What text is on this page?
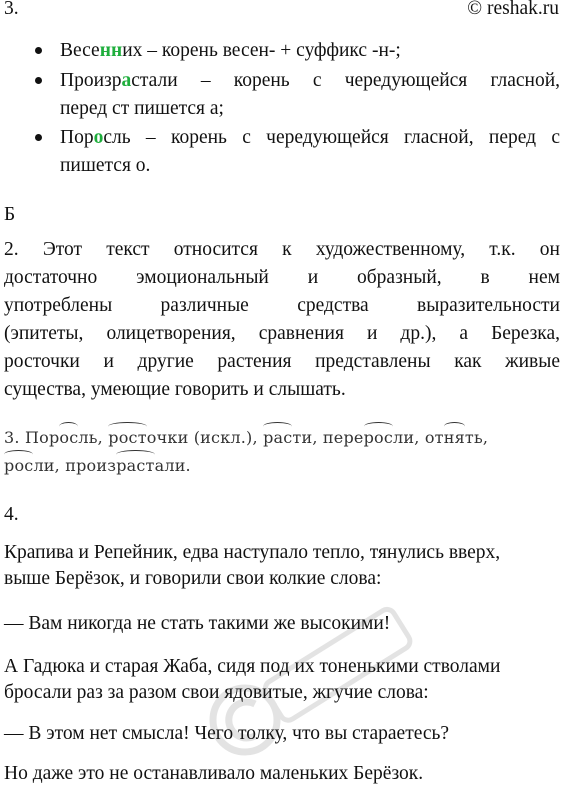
3.	© reshak.ru
Весенних – корень весен- + суффикс -н-;
Произрастали – корень с чередующейся гласной,
перед ст пишется а;
Поросль – корень с чередующейся гласной, перед с
пишется о.
Б
2. Этот текст относится к художественному, т.к. он
достаточно эмоциональный и образный, в нем
употреблены различные средства выразительности
(эпитеты, олицетворения, сравнения и др.), а Березка,
росточки и другие растения представлены как живые
существа, умеющие говорить и слышать.
3. Поросль, росточки (искл.), расти, переросли, отнять,
росли, произрастали.
4.
Крапива и Репейник, едва наступало тепло, тянулись вверх,
выше Берёзок, и говорили свои колкие слова:
— Вам никогда не стать такими же высокими!
А Гадюка и старая Жаба, сидя под их тоненькими стволами
бросали раз за разом свои ядовитые, жгучие слова:
— В этом нет смысла! Чего толку, что вы стараетесь?
Но даже это не останавливало маленьких Берёзок.
